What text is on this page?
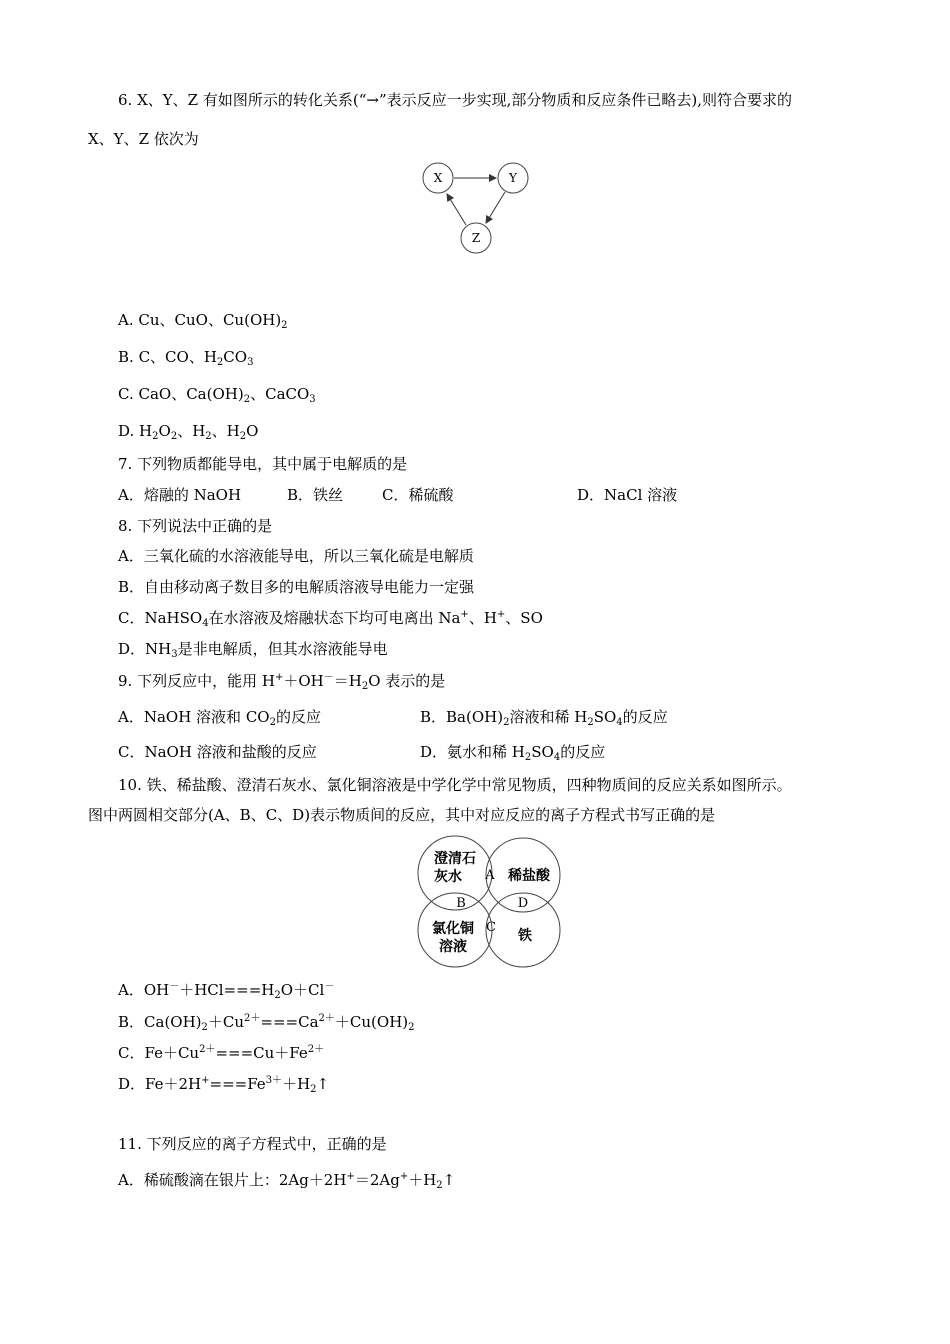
6. X、Y、Z 有如图所示的转化关系(“→”表示反应一步实现,部分物质和反应条件已略去),则符合要求的
X、Y、Z 依次为
X	Y
Z
A. Cu、CuO、$Cu(OH)_2$
B. C、CO、$H_2CO_3$
C. CaO、$Ca(OH)_2$、CaCO$_3$
D. $H_2O_2$、$H_2$、$H_2O$
7. 下列物质都能导电，其中属于电解质的是
A．熔融的 NaOH	B．铁丝	C．稀硫酸	D．NaCl 溶液
8. 下列说法中正确的是
A．三氧化硫的水溶液能导电，所以三氧化硫是电解质
B．自由移动离子数目多的电解质溶液导电能力一定强
C．NaHSO$_4$在水溶液及熔融状态下均可电离出 Na+、H+、SO
D．$NH_3$是非电解质，但其水溶液能导电
9. 下列反应中，能用 $H^++OH^-=H_2O$ 表示的是
A．NaOH 溶液和 $CO_2$的反应	B．$Ba(OH)_2$溶液和稀 $H_2SO_4$的反应
C．NaOH 溶液和盐酸的反应	D．氨水和稀 $H_2SO_4$的反应
10. 铁、稀盐酸、澄清石灰水、氯化铜溶液是中学化学中常见物质，四种物质间的反应关系如图所示。
图中两圆相交部分(A、B、C、D)表示物质间的反应，其中对应反应的离子方程式书写正确的是
澄清石
灰水	稀盐酸
氯化铜
溶液
铁
A
B
C
D
A．$OH^-+HCl===H_2O+Cl^-$
B．$Ca(OH)_2+Cu^{2+}===Ca^{2+}+Cu(OH)_2$
C．$Fe+Cu^{2+}===Cu+Fe^{2+}$
D．$Fe+2H^+===Fe^{3+}+H_2↑$
11. 下列反应的离子方程式中，正确的是
A．稀硫酸滴在银片上：$2Ag+2H^+=2Ag^++H_2↑$
